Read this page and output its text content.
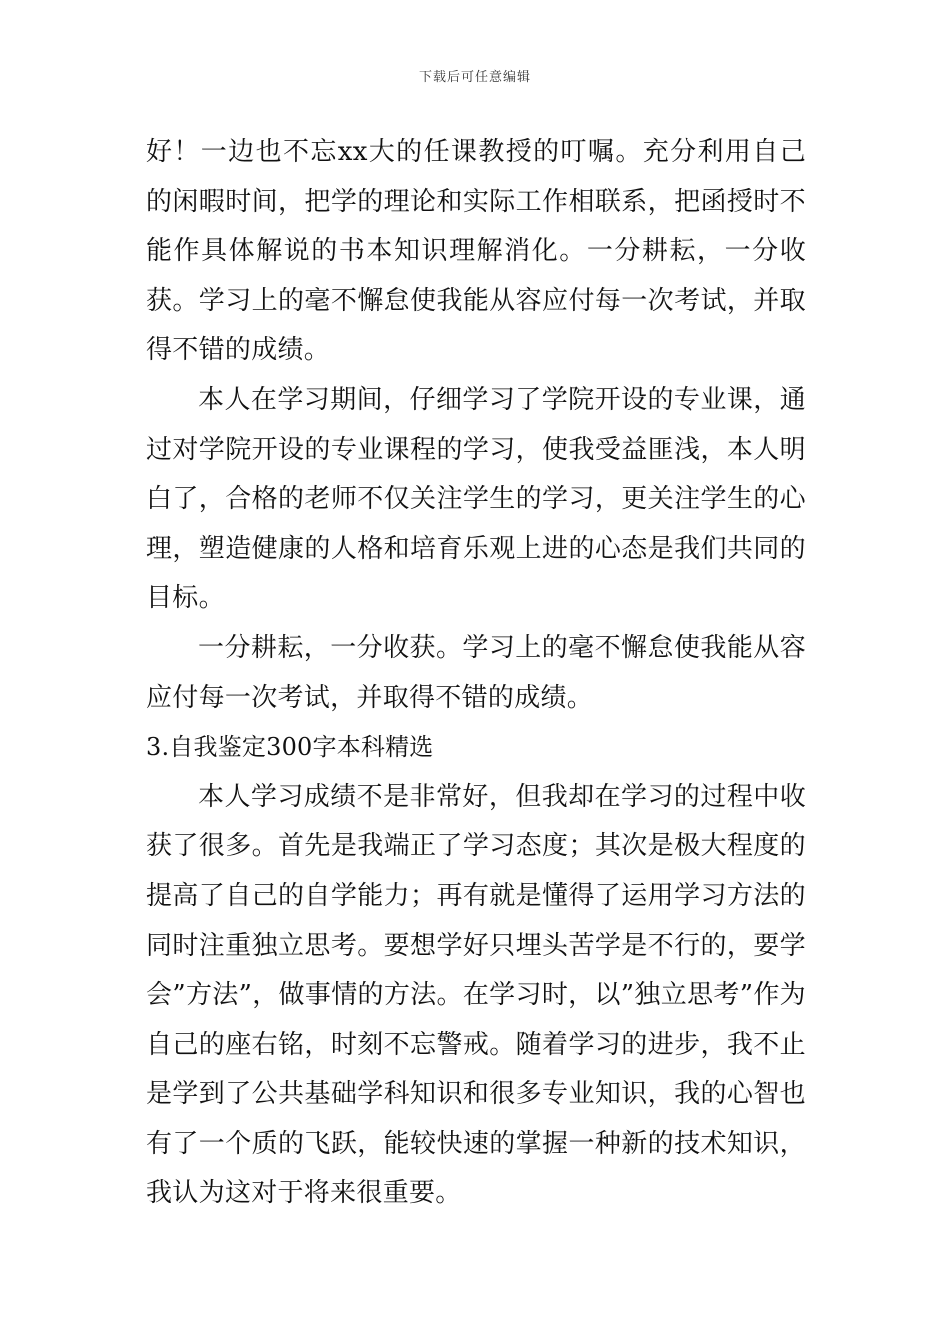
下载后可任意编辑

好！一边也不忘xx大的任课教授的叮嘱。充分利用自己的闲暇时间，把学的理论和实际工作相联系，把函授时不能作具体解说的书本知识理解消化。一分耕耘，一分收获。学习上的毫不懈怠使我能从容应付每一次考试，并取得不错的成绩。

本人在学习期间，仔细学习了学院开设的专业课，通过对学院开设的专业课程的学习，使我受益匪浅，本人明白了，合格的老师不仅关注学生的学习，更关注学生的心理，塑造健康的人格和培育乐观上进的心态是我们共同的目标。

一分耕耘，一分收获。学习上的毫不懈怠使我能从容应付每一次考试，并取得不错的成绩。

3.自我鉴定300字本科精选

本人学习成绩不是非常好，但我却在学习的过程中收获了很多。首先是我端正了学习态度；其次是极大程度的提高了自己的自学能力；再有就是懂得了运用学习方法的同时注重独立思考。要想学好只埋头苦学是不行的，要学会”方法”，做事情的方法。在学习时，以”独立思考”作为自己的座右铭，时刻不忘警戒。随着学习的进步，我不止是学到了公共基础学科知识和很多专业知识，我的心智也有了一个质的飞跃，能较快速的掌握一种新的技术知识，我认为这对于将来很重要。
